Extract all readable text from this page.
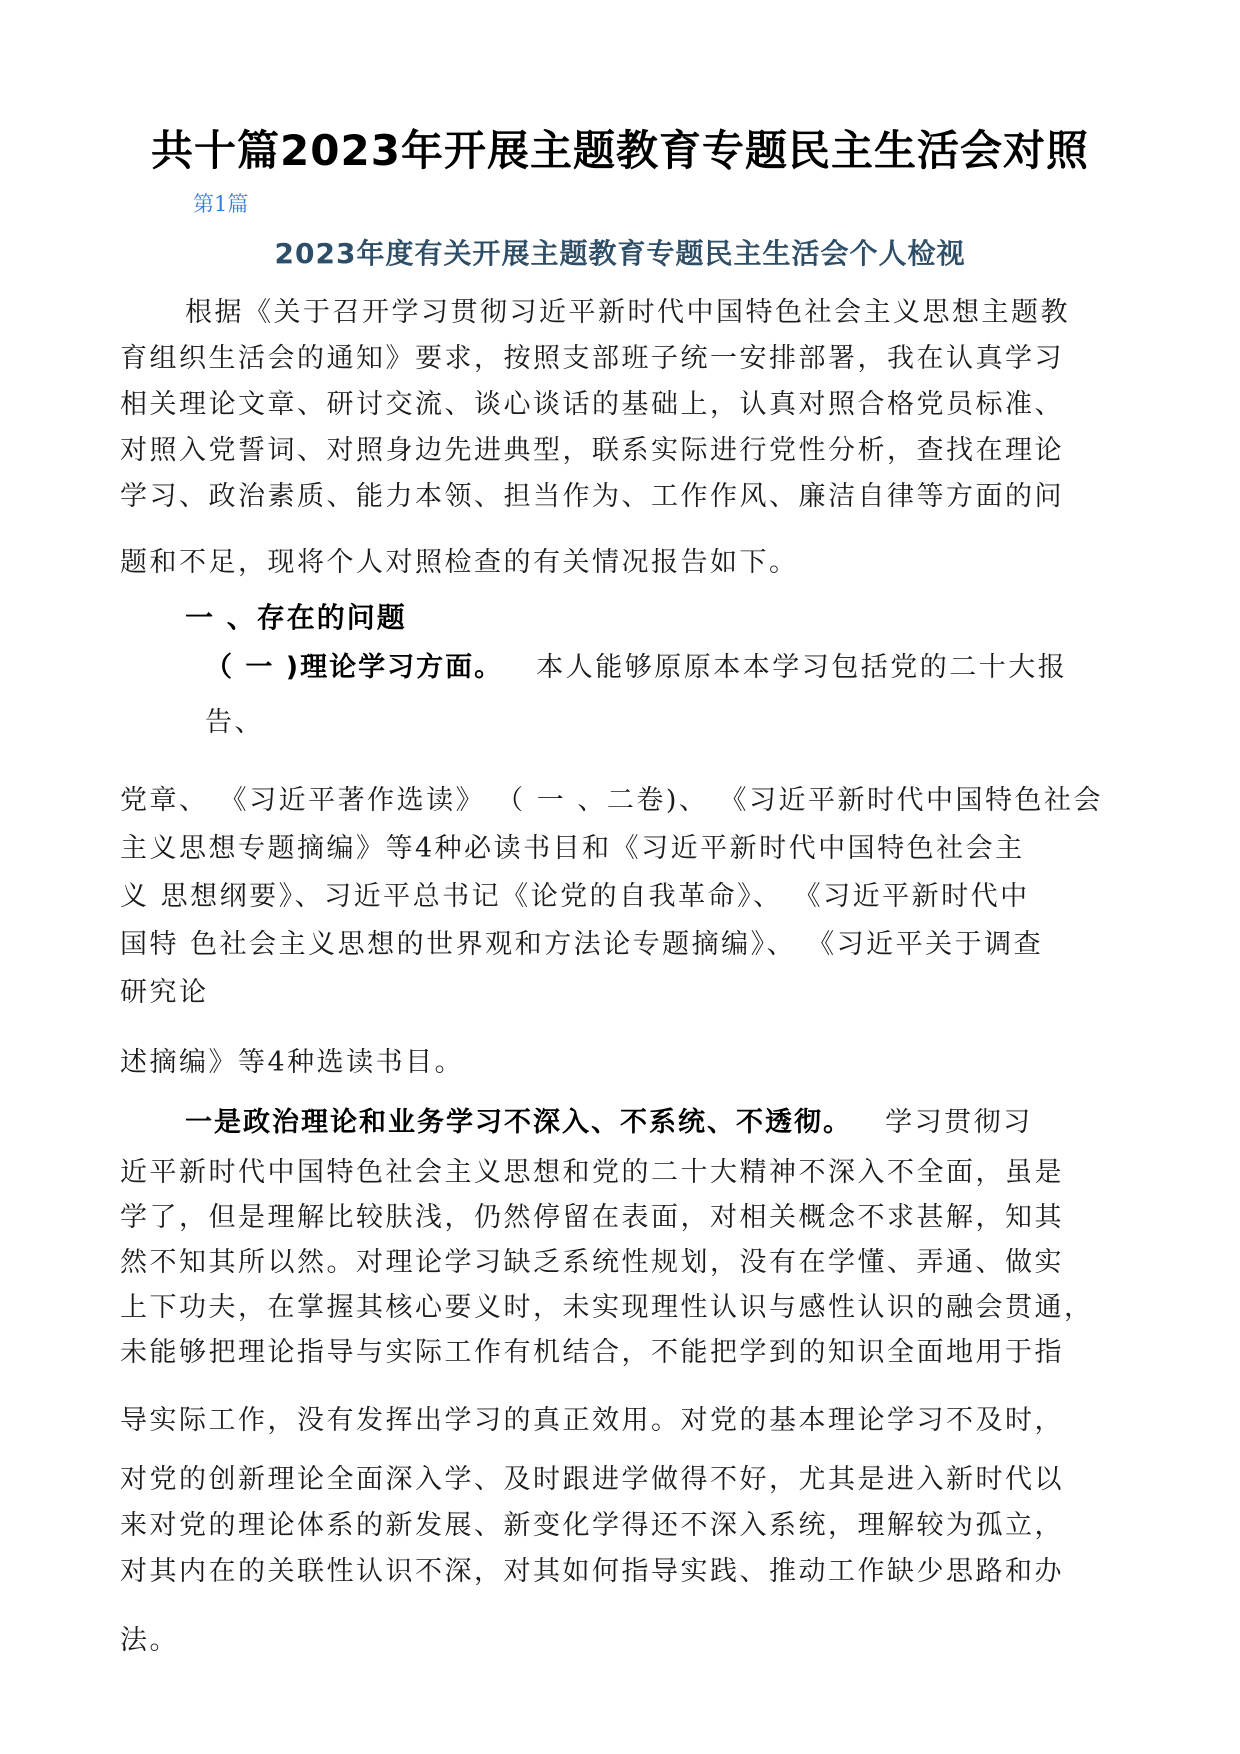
共十篇2023年开展主题教育专题民主生活会对照

第1篇

2023年度有关开展主题教育专题民主生活会个人检视

根据《关于召开学习贯彻习近平新时代中国特色社会主义思想主题教

育组织生活会的通知》要求，按照支部班子统一安排部署，我在认真学习

相关理论文章、研讨交流、谈心谈话的基础上，认真对照合格党员标准、

对照入党誓词、对照身边先进典型，联系实际进行党性分析，查找在理论

学习、政治素质、能力本领、担当作为、工作作风、廉洁自律等方面的问

题和不足，现将个人对照检查的有关情况报告如下。

一 、存在的问题

（ 一 )理论学习方面。 本人能够原原本本学习包括党的二十大报

告、

党章、 《习近平著作选读》 （ 一 、二卷)、 《习近平新时代中国特色社会

主义思想专题摘编》等4种必读书目和《习近平新时代中国特色社会主

义 思想纲要》、习近平总书记《论党的自我革命》、 《习近平新时代中

国特 色社会主义思想的世界观和方法论专题摘编》、 《习近平关于调查

研究论

述摘编》等4种选读书目。

一是政治理论和业务学习不深入、不系统、不透彻。 学习贯彻习

近平新时代中国特色社会主义思想和党的二十大精神不深入不全面，虽是

学了，但是理解比较肤浅，仍然停留在表面，对相关概念不求甚解，知其

然不知其所以然。对理论学习缺乏系统性规划，没有在学懂、弄通、做实

上下功夫，在掌握其核心要义时，未实现理性认识与感性认识的融会贯通，

未能够把理论指导与实际工作有机结合，不能把学到的知识全面地用于指

导实际工作，没有发挥出学习的真正效用。对党的基本理论学习不及时，

对党的创新理论全面深入学、及时跟进学做得不好，尤其是进入新时代以

来对党的理论体系的新发展、新变化学得还不深入系统，理解较为孤立，

对其内在的关联性认识不深，对其如何指导实践、推动工作缺少思路和办

法。
